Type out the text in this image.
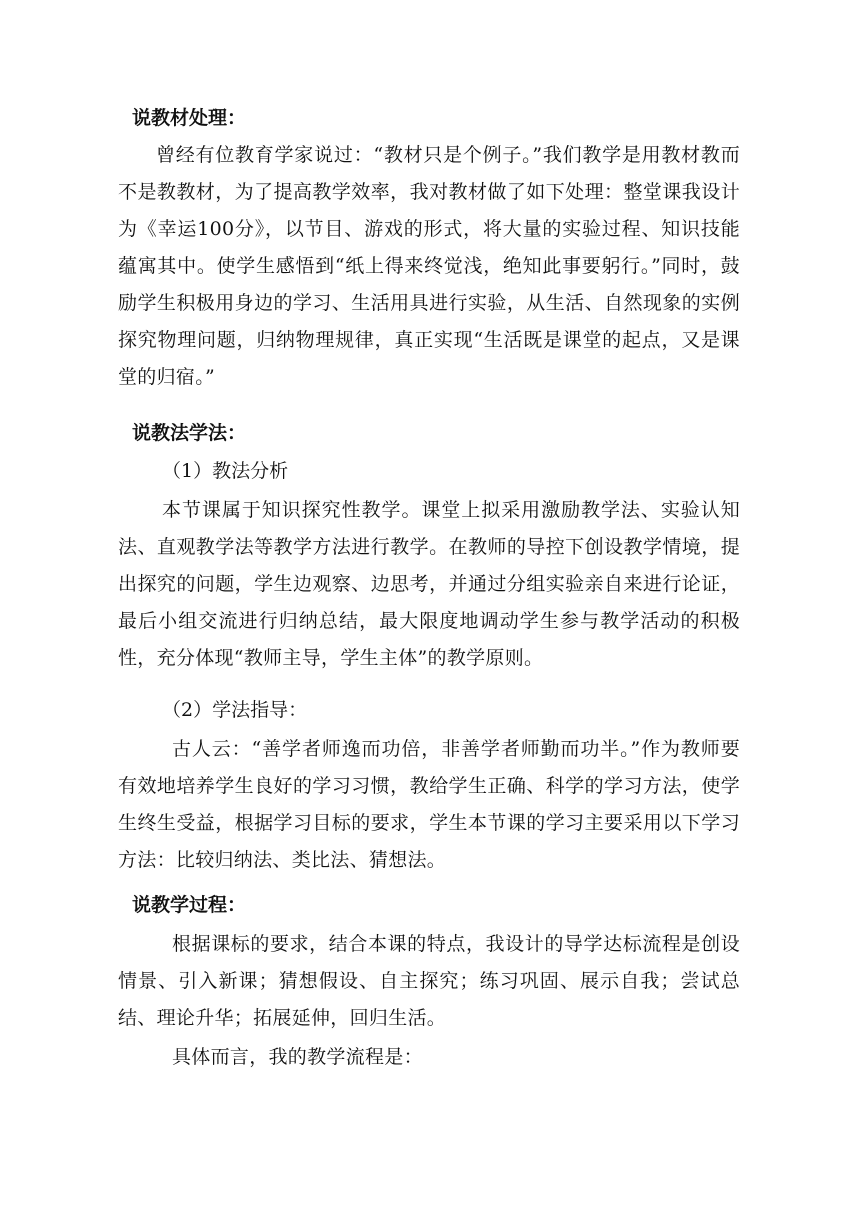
说教材处理：

曾经有位教育学家说过：“教材只是个例子。”我们教学是用教材教而不是教教材，为了提高教学效率，我对教材做了如下处理：整堂课我设计为《幸运100分》，以节目、游戏的形式，将大量的实验过程、知识技能蕴寓其中。使学生感悟到“纸上得来终觉浅，绝知此事要躬行。”同时，鼓励学生积极用身边的学习、生活用具进行实验，从生活、自然现象的实例探究物理问题，归纳物理规律，真正实现“生活既是课堂的起点，又是课堂的归宿。”

说教法学法：
（1）教法分析

本节课属于知识探究性教学。课堂上拟采用激励教学法、实验认知法、直观教学法等教学方法进行教学。在教师的导控下创设教学情境，提出探究的问题，学生边观察、边思考，并通过分组实验亲自来进行论证，最后小组交流进行归纳总结，最大限度地调动学生参与教学活动的积极性，充分体现“教师主导，学生主体”的教学原则。

（2）学法指导：

古人云：“善学者师逸而功倍，非善学者师勤而功半。”作为教师要有效地培养学生良好的学习习惯，教给学生正确、科学的学习方法，使学生终生受益，根据学习目标的要求，学生本节课的学习主要采用以下学习方法：比较归纳法、类比法、猜想法。

说教学过程：

根据课标的要求，结合本课的特点，我设计的导学达标流程是创设情景、引入新课；猜想假设、自主探究；练习巩固、展示自我；尝试总结、理论升华；拓展延伸，回归生活。

具体而言，我的教学流程是：
